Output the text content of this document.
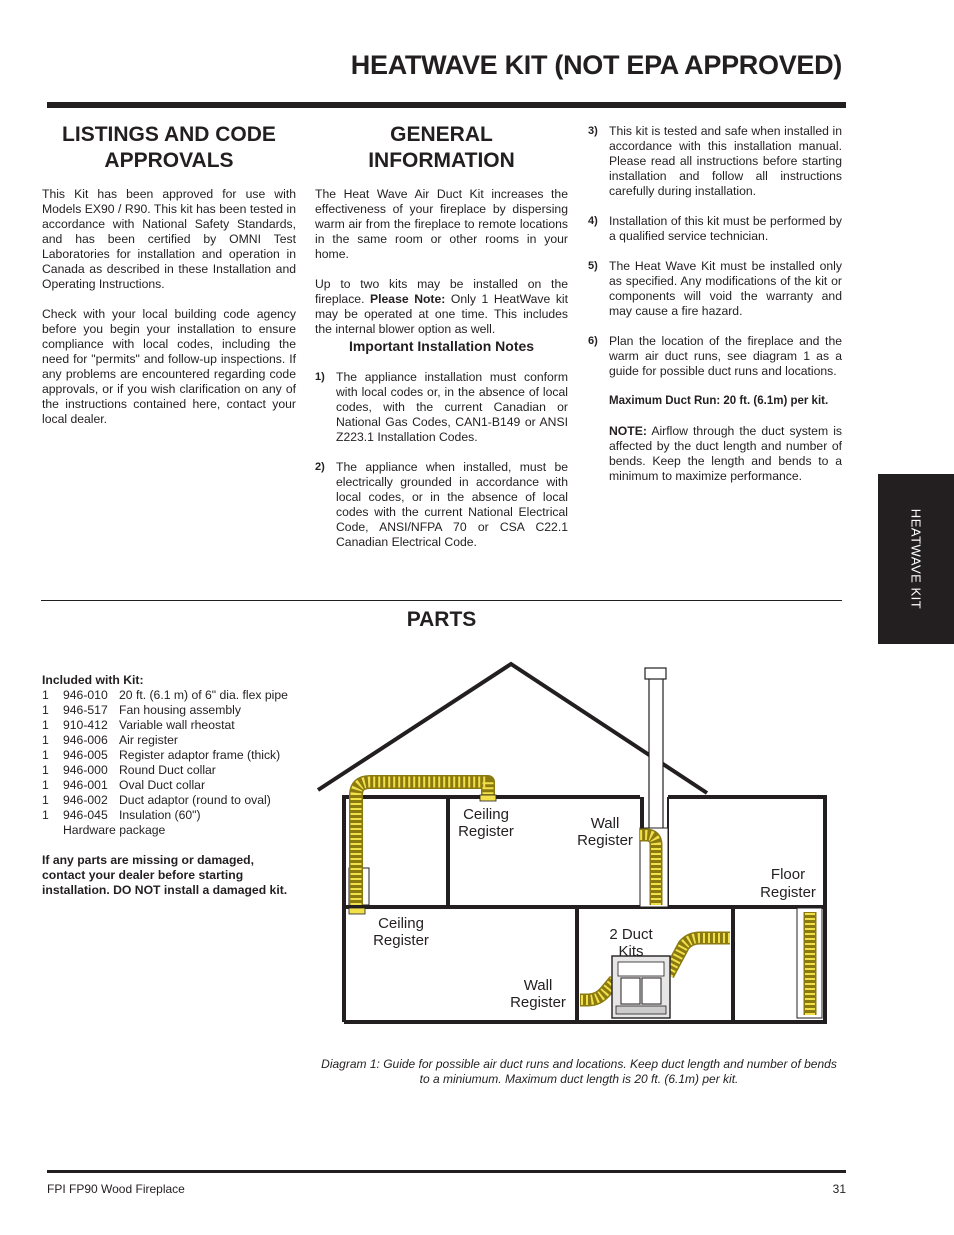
HEATWAVE KIT (NOT EPA APPROVED)
LISTINGS AND CODE APPROVALS

This Kit has been approved for use with Models EX90 / R90. This kit has been tested in accordance with National Safety Standards, and has been certified by OMNI Test Laboratories for installation and operation in Canada as described in these Installation and Operating Instructions.

Check with your local building code agency before you begin your installation to ensure compliance with local codes, including the need for "permits" and follow-up inspections. If any problems are encountered regarding code approvals, or if you wish clarification on any of the instructions contained here, contact your local dealer.

GENERAL INFORMATION

The Heat Wave Air Duct Kit increases the effectiveness of your fireplace by dispersing warm air from the fireplace to remote locations in the same room or other rooms in your home.

Up to two kits may be installed on the fireplace. Please Note: Only 1 HeatWave kit may be operated at one time. This includes the internal blower option as well.

Important Installation Notes
1) The appliance installation must conform with local codes or, in the absence of local codes, with the current Canadian or National Gas Codes, CAN1-B149 or ANSI Z223.1 Installation Codes.
2) The appliance when installed, must be electrically grounded in accordance with local codes, or in the absence of local codes with the current National Electrical Code, ANSI/NFPA 70 or CSA C22.1 Canadian Electrical Code.
3) This kit is tested and safe when installed in accordance with this installation manual. Please read all instructions before starting installation and follow all instructions carefully during installation.
4) Installation of this kit must be performed by a qualified service technician.
5) The Heat Wave Kit must be installed only as specified. Any modifications of the kit or components will void the warranty and may cause a fire hazard.
6) Plan the location of the fireplace and the warm air duct runs, see diagram 1 as a guide for possible duct runs and locations.
Maximum Duct Run: 20 ft. (6.1m) per kit.
NOTE: Airflow through the duct system is affected by the duct length and number of bends. Keep the length and bends to a minimum to maximize performance.
HEATWAVE KIT
PARTS
Included with Kit:
1	946-010 20 ft. (6.1 m) of 6" dia. flex pipe
1	946-517 Fan housing assembly
1	910-412 Variable wall rheostat
1	946-006 Air register
1	946-005 Register adaptor frame (thick)
1	946-000 Round Duct collar
1	946-001 Oval Duct collar
1	946-002 Duct adaptor (round to oval)
1	946-045 Insulation (60")
Hardware package
If any parts are missing or damaged, contact your dealer before starting installation. DO NOT install a damaged kit.
Ceiling
Register	Wall
Register
Floor
Register
Ceiling
Register	2 Duct
Kits
Wall
Register
Diagram 1: Guide for possible air duct runs and locations. Keep duct length and number of bends to a miniumum. Maximum duct length is 20 ft. (6.1m) per kit.
FPI FP90 Wood Fireplace	31
